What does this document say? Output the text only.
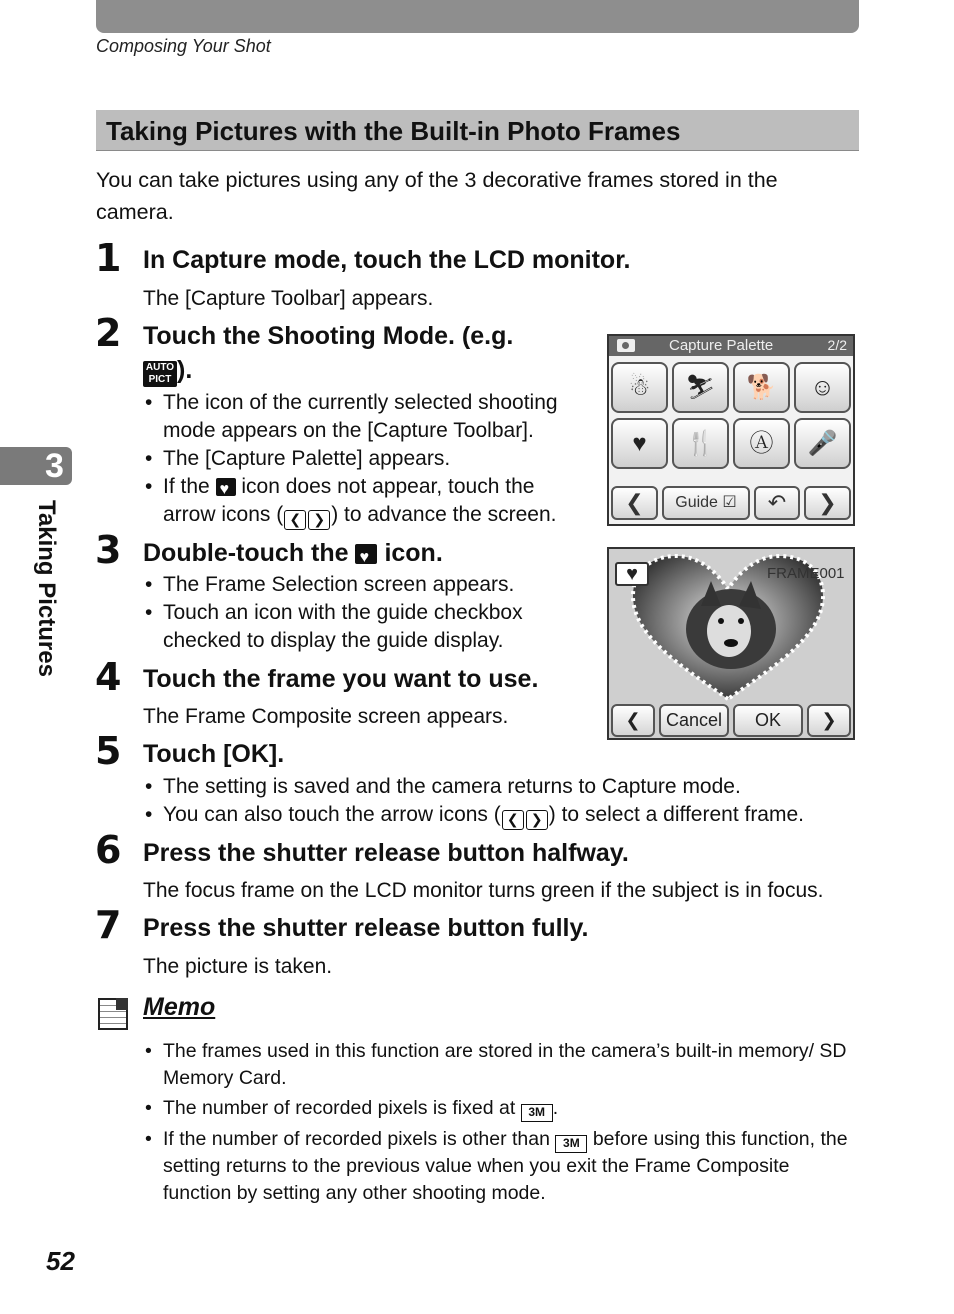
Composing Your Shot
Taking Pictures with the Built-in Photo Frames
You can take pictures using any of the 3 decorative frames stored in the camera.
3
Taking Pictures
1 In Capture mode, touch the LCD monitor.
The [Capture Toolbar] appears.
2 Touch the Shooting Mode. (e.g.
AUTO
PICT ).
• The icon of the currently selected shooting
mode appears on the [Capture Toolbar].
• The [Capture Palette] appears.
• If the ♥ icon does not appear, touch the
arrow icons ( ❮ ❯ ) to advance the screen.
3 Double-touch the ♥ icon.
• The Frame Selection screen appears.
• Touch an icon with the guide checkbox
checked to display the guide display.
4 Touch the frame you want to use.
The Frame Composite screen appears.
5 Touch [OK].
• The setting is saved and the camera returns to Capture mode.
• You can also touch the arrow icons ( ❮ ❯ ) to select a different frame.
6 Press the shutter release button halfway.
The focus frame on the LCD monitor turns green if the subject is in focus.
7 Press the shutter release button fully.
The picture is taken.
Capture Palette	2/2
☃	⛷	🐕	☺
♥	🍴	Ⓐ	🎤
❮	Guide ☑	↶	❯
♥	FRAME001
❮	Cancel	OK	❯
Memo
• The frames used in this function are stored in the camera’s built-in memory/ SD Memory Card.
• The number of recorded pixels is fixed at 3M .
• If the number of recorded pixels is other than 3M before using this function, the setting returns to the previous value when you exit the Frame Composite function by setting any other shooting mode.
52
